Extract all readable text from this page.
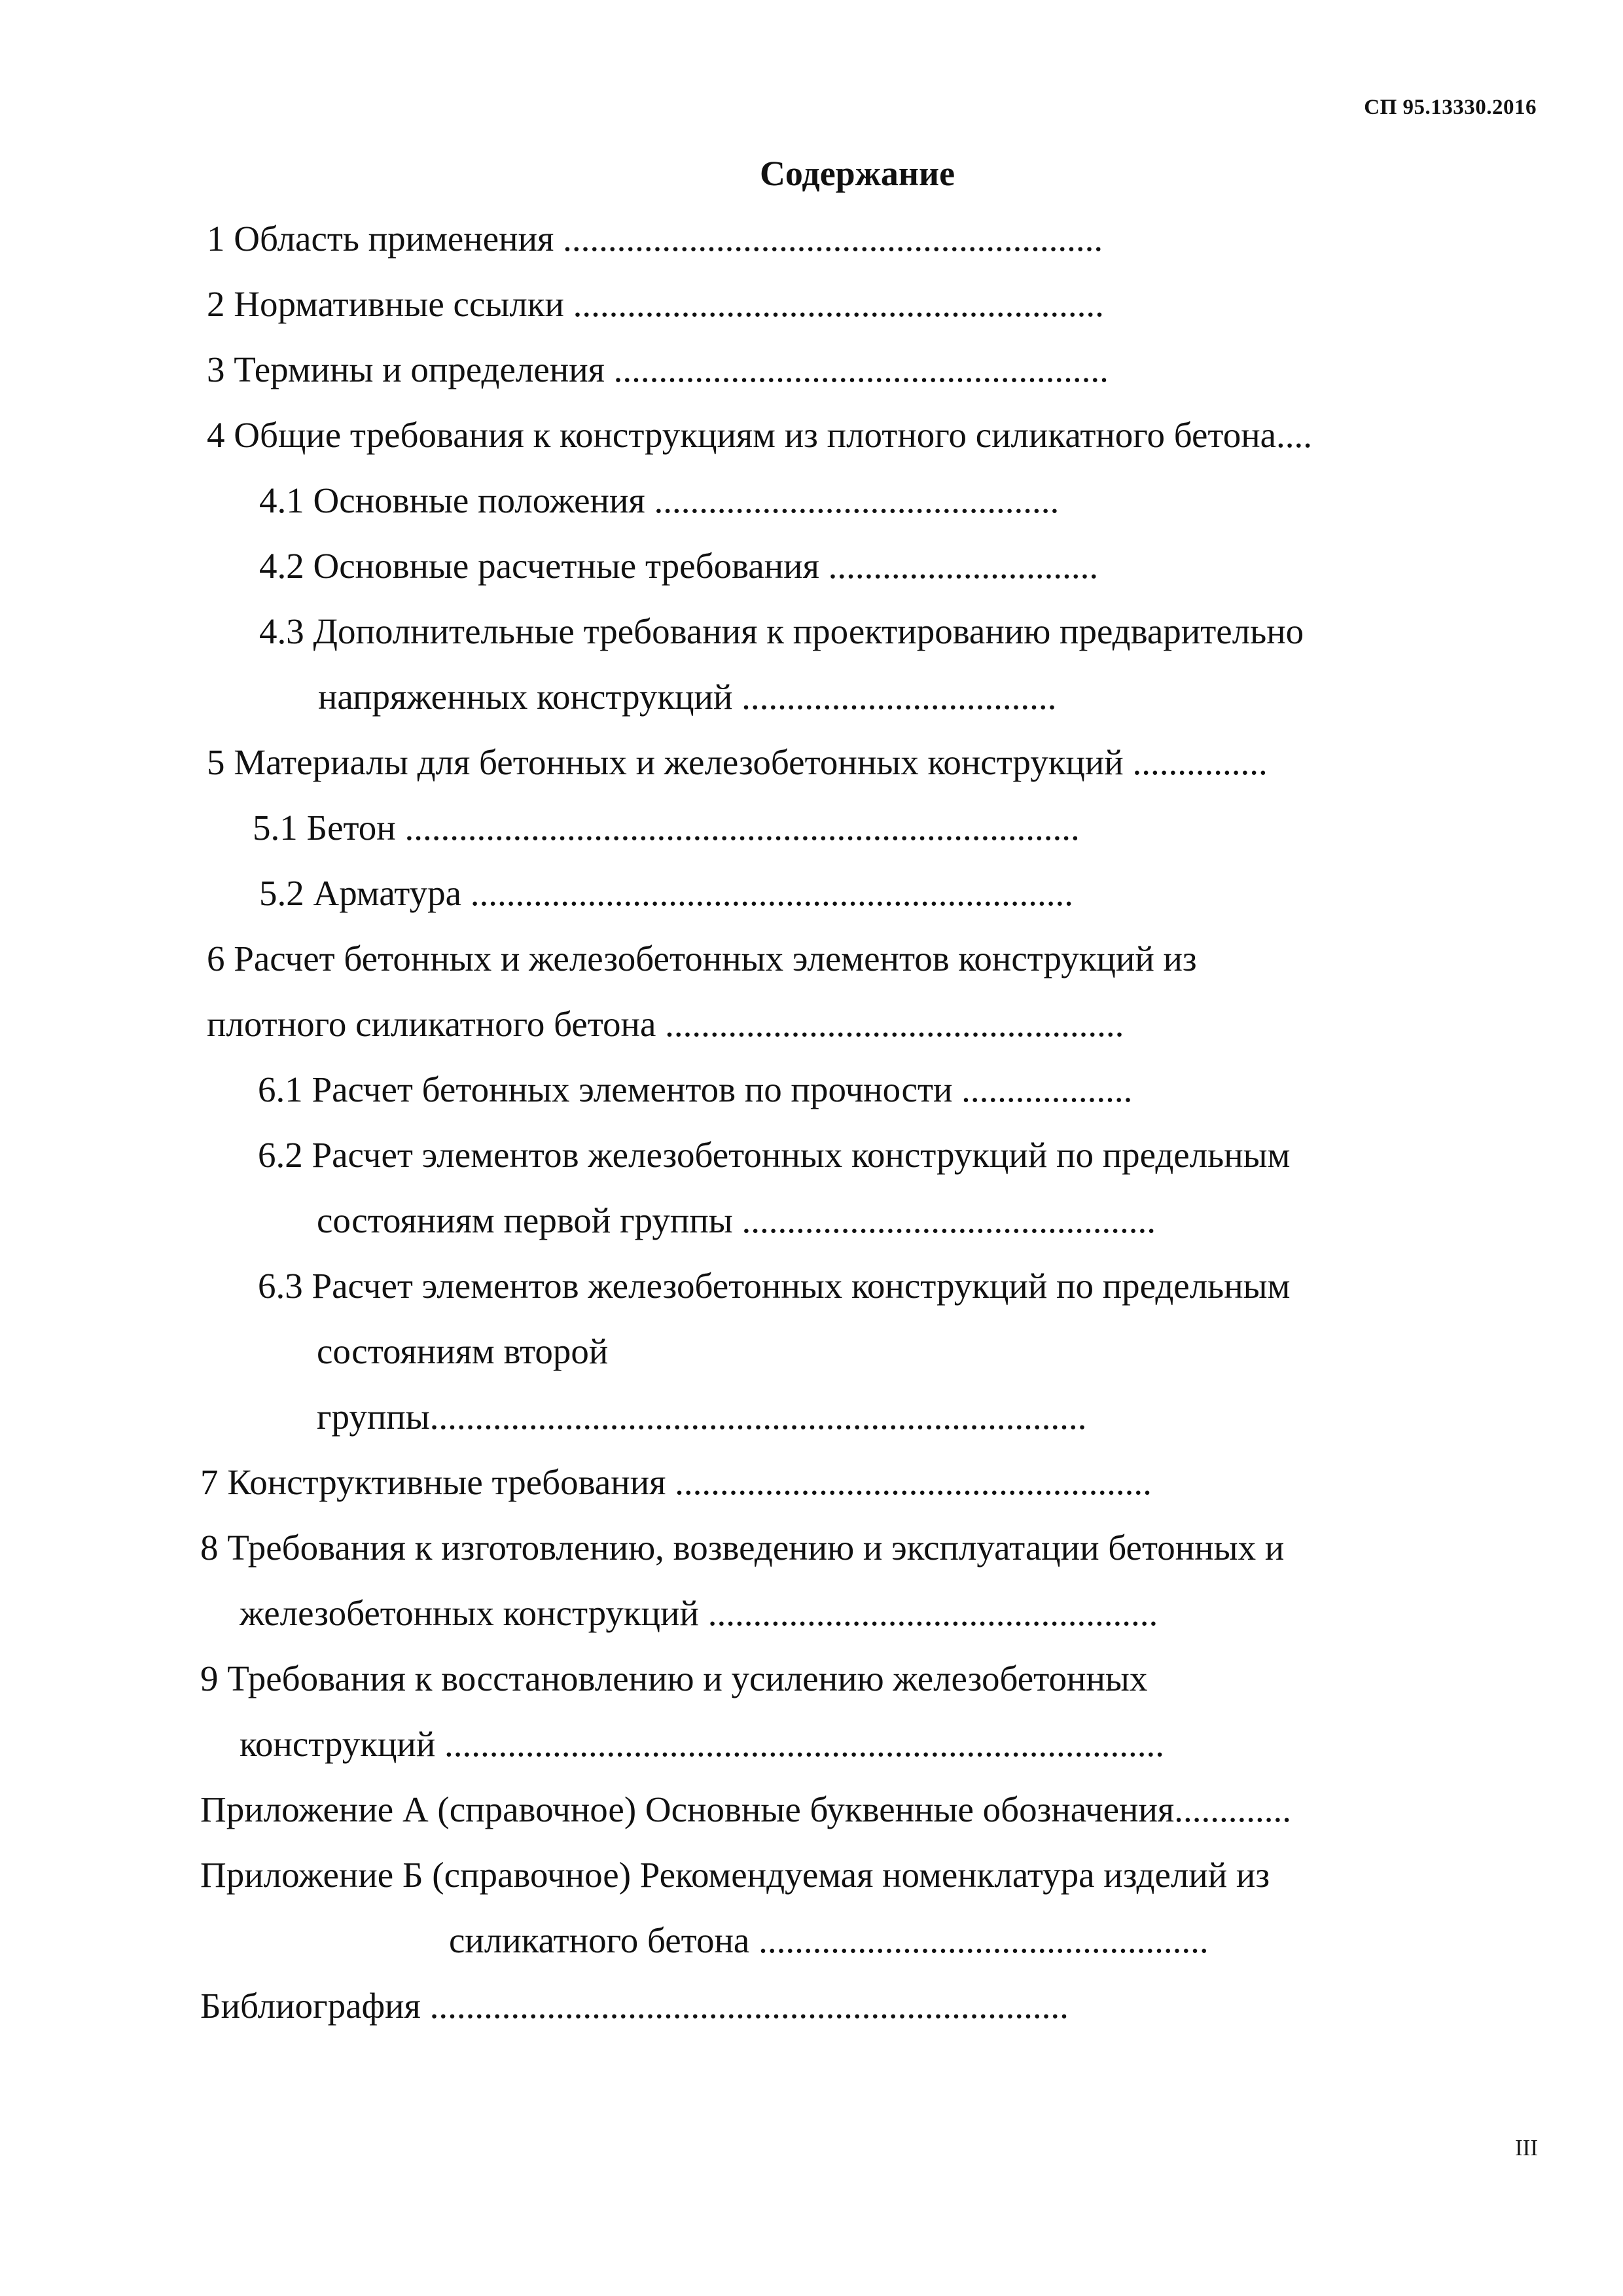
СП 95.13330.2016
Содержание
1 Область применения ............................................................
2 Нормативные ссылки ...........................................................
3 Термины и определения .......................................................
4 Общие требования к конструкциям из плотного силикатного бетона....
4.1 Основные положения .............................................
4.2 Основные расчетные требования ..............................
4.3 Дополнительные требования к проектированию предварительно
напряженных конструкций ...................................
5 Материалы для бетонных и железобетонных конструкций ...............
5.1 Бетон ...........................................................................
5.2 Арматура ...................................................................
6 Расчет бетонных и железобетонных элементов конструкций из
плотного силикатного бетона ...................................................
6.1 Расчет бетонных элементов по прочности ...................
6.2 Расчет элементов железобетонных конструкций по предельным
состояниям первой группы ..............................................
6.3 Расчет элементов железобетонных конструкций по предельным
состояниям второй
группы.........................................................................
7 Конструктивные требования .....................................................
8 Требования к изготовлению, возведению и эксплуатации бетонных и
железобетонных конструкций ..................................................
9 Требования к восстановлению и усилению железобетонных
конструкций ................................................................................
Приложение А (справочное) Основные буквенные обозначения.............
Приложение Б (справочное) Рекомендуемая номенклатура изделий из
силикатного бетона ..................................................
Библиография .......................................................................
III
